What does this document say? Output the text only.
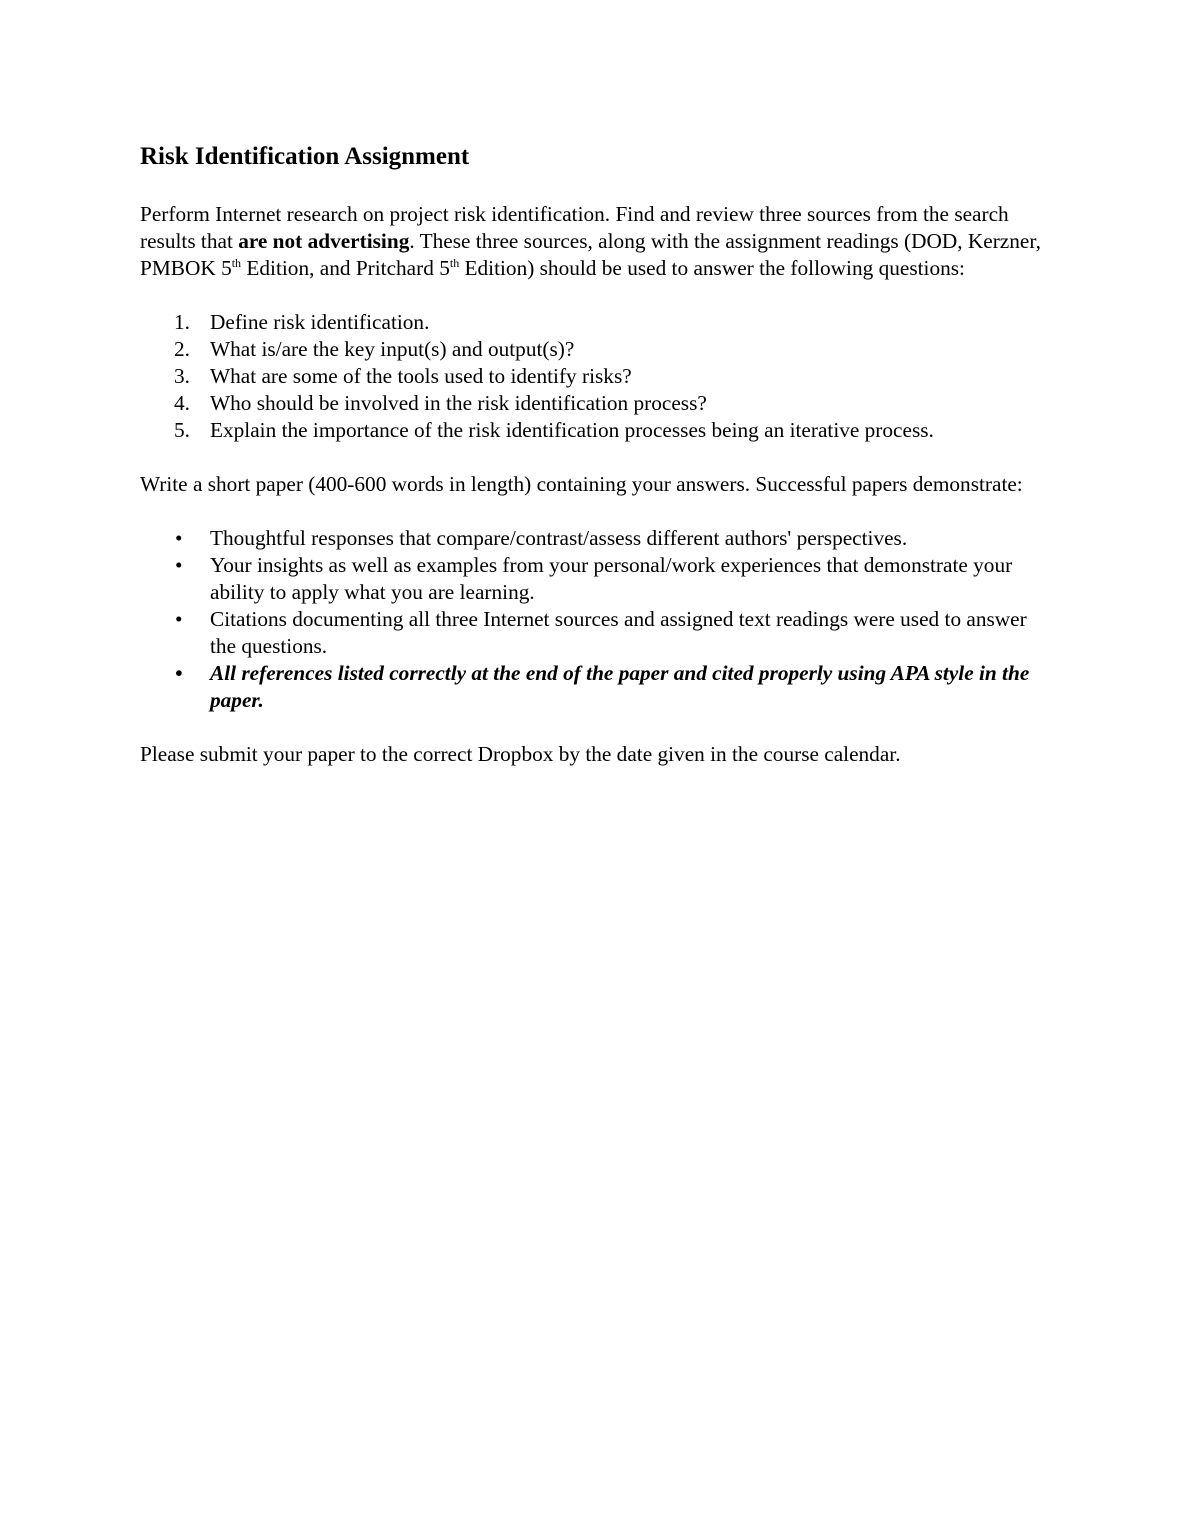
Risk Identification Assignment

Perform Internet research on project risk identification. Find and review three sources from the search results that are not advertising. These three sources, along with the assignment readings (DOD, Kerzner, PMBOK 5th Edition, and Pritchard 5th Edition) should be used to answer the following questions:

1. Define risk identification.
2. What is/are the key input(s) and output(s)?
3. What are some of the tools used to identify risks?
4. Who should be involved in the risk identification process?
5. Explain the importance of the risk identification processes being an iterative process.

Write a short paper (400-600 words in length) containing your answers. Successful papers demonstrate:

• Thoughtful responses that compare/contrast/assess different authors' perspectives.
• Your insights as well as examples from your personal/work experiences that demonstrate your ability to apply what you are learning.
• Citations documenting all three Internet sources and assigned text readings were used to answer the questions.
• All references listed correctly at the end of the paper and cited properly using APA style in the paper.

Please submit your paper to the correct Dropbox by the date given in the course calendar.
